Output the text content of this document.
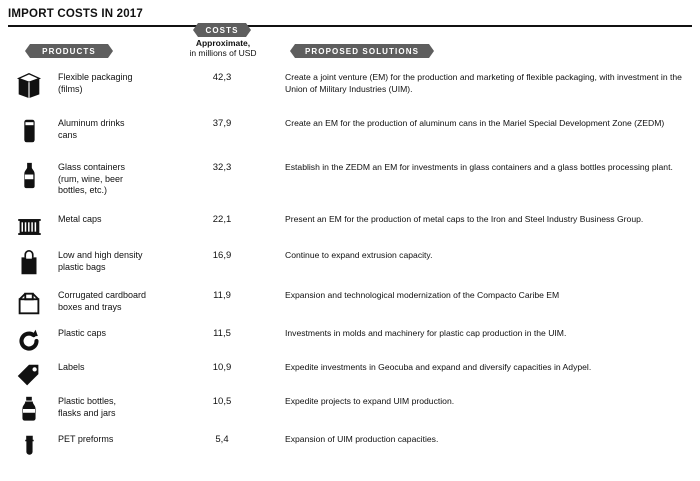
IMPORT COSTS IN 2017
PRODUCTS
COSTS
Approximate,
in millions of USD	PROPOSED SOLUTIONS
Flexible packaging
(films)
42,3	Create a joint venture (EM) for the production and marketing of flexible packaging, with investment in the Union of Military Industries (UIM).
Aluminum drinks
cans
37,9	Create an EM for the production of aluminum cans in the Mariel Special Development Zone (ZEDM)
Glass containers
(rum, wine, beer
bottles, etc.)
32,3	Establish in the ZEDM an EM for investments in glass containers and a glass bottles processing plant.
Metal caps	22,1	Present an EM for the production of metal caps to the Iron and Steel Industry Business Group.
Low and high density
plastic bags
16,9	Continue to expand extrusion capacity.
Corrugated cardboard
boxes and trays
11,9	Expansion and technological modernization of the Compacto Caribe EM
Plastic caps	11,5	Investments in molds and machinery for plastic cap production in the UIM.
Labels	10,9	Expedite investments in Geocuba and expand and diversify capacities in Adypel.
Plastic bottles,
flasks and jars
10,5	Expedite projects to expand UIM production.
PET preforms	5,4	Expansion of UIM production capacities.
